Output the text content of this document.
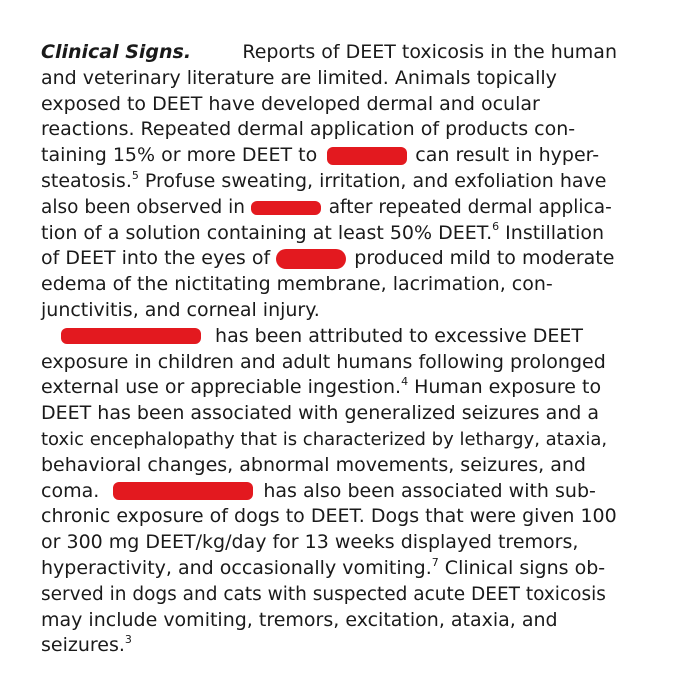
Clinical Signs.	Reports of DEET toxicosis in the human
and veterinary literature are limited. Animals topically
exposed to DEET have developed dermal and ocular
reactions. Repeated dermal application of products con-
taining 15% or more DEET to	can result in hyper-
steatosis.$^5$ Profuse sweating, irritation, and exfoliation have
also been observed in	after repeated dermal applica-
tion of a solution containing at least 50% DEET.$^6$ Instillation
of DEET into the eyes of	produced mild to moderate
edema of the nictitating membrane, lacrimation, con-
junctivitis, and corneal injury.
has been attributed to excessive DEET
exposure in children and adult humans following prolonged
external use or appreciable ingestion.$^4$ Human exposure to
DEET has been associated with generalized seizures and a
toxic encephalopathy that is characterized by lethargy, ataxia,
behavioral changes, abnormal movements, seizures, and
coma.	has also been associated with sub-
chronic exposure of dogs to DEET. Dogs that were given 100
or 300 mg DEET/kg/day for 13 weeks displayed tremors,
hyperactivity, and occasionally vomiting.$^7$ Clinical signs ob-
served in dogs and cats with suspected acute DEET toxicosis
may include vomiting, tremors, excitation, ataxia, and
seizures.$^3$
